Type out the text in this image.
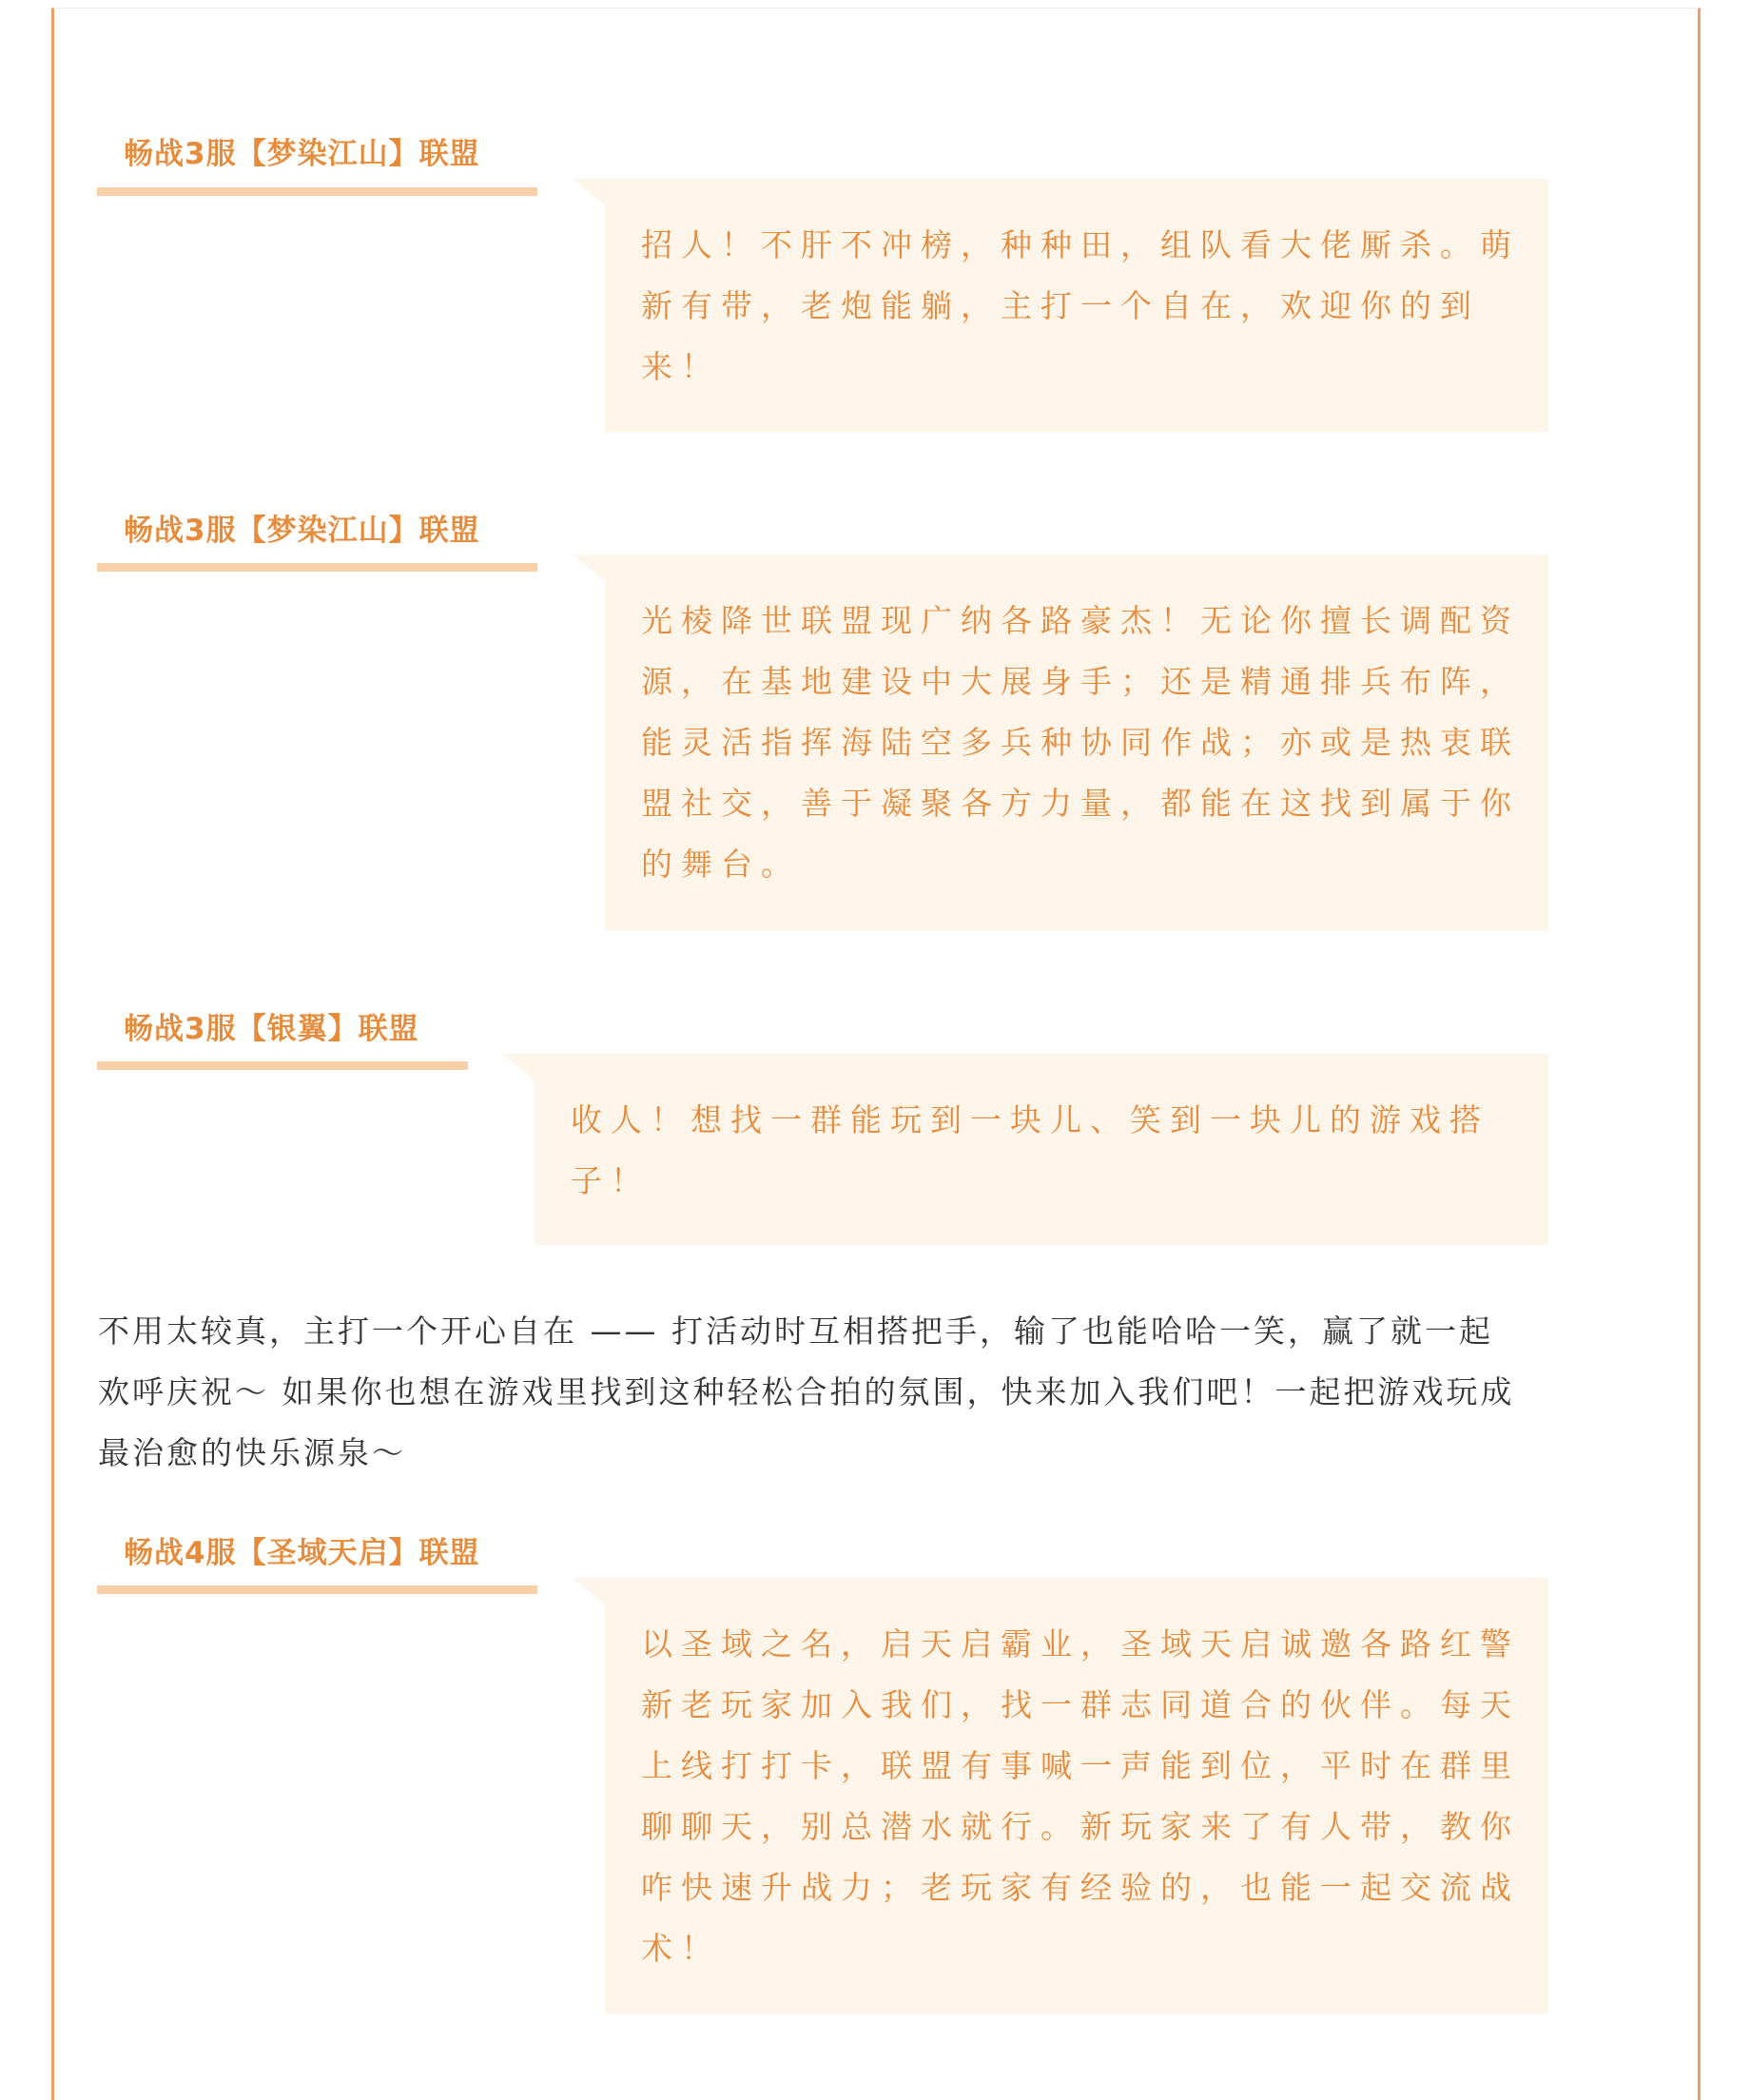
畅战3服【梦染江山】联盟
招人！不肝不冲榜，种种田，组队看大佬厮杀。萌
新有带，老炮能躺，主打一个自在，欢迎你的到
来！
畅战3服【梦染江山】联盟
光棱降世联盟现广纳各路豪杰！无论你擅长调配资
源，在基地建设中大展身手；还是精通排兵布阵，
能灵活指挥海陆空多兵种协同作战；亦或是热衷联
盟社交，善于凝聚各方力量，都能在这找到属于你
的舞台。
畅战3服【银翼】联盟
收人！想找一群能玩到一块儿、笑到一块儿的游戏搭
子！
不用太较真，主打一个开心自在 —— 打活动时互相搭把手，输了也能哈哈一笑，赢了就一起
欢呼庆祝～ 如果你也想在游戏里找到这种轻松合拍的氛围，快来加入我们吧！一起把游戏玩成
最治愈的快乐源泉～
畅战4服【圣域天启】联盟
以圣域之名，启天启霸业，圣域天启诚邀各路红警
新老玩家加入我们，找一群志同道合的伙伴。每天
上线打打卡，联盟有事喊一声能到位，平时在群里
聊聊天，别总潜水就行。新玩家来了有人带，教你
咋快速升战力；老玩家有经验的，也能一起交流战
术！
